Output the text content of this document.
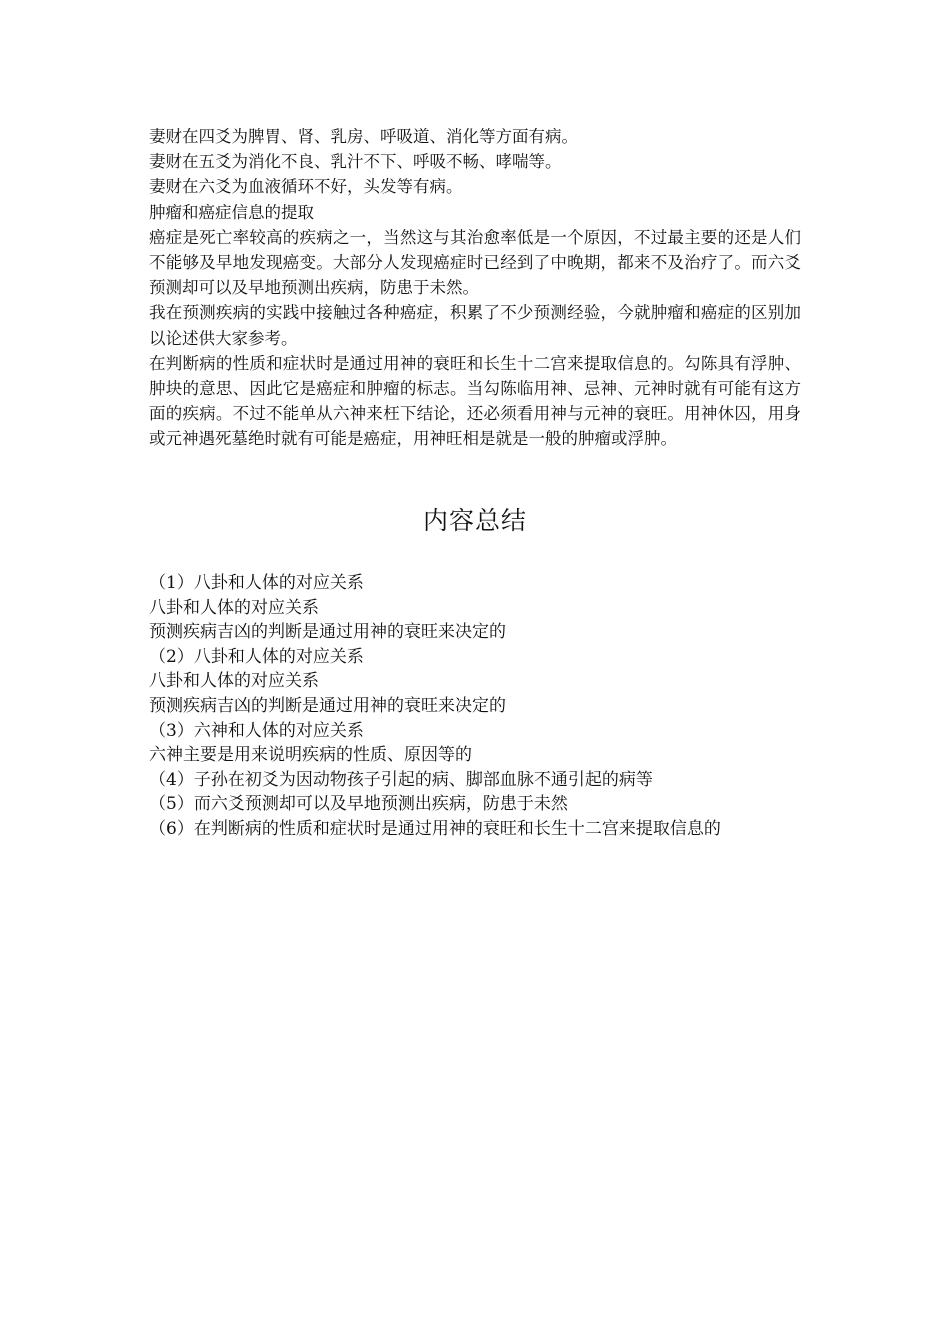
妻财在四爻为脾胃、肾、乳房、呼吸道、消化等方面有病。

妻财在五爻为消化不良、乳汁不下、呼吸不畅、哮喘等。

妻财在六爻为血液循环不好，头发等有病。

肿瘤和癌症信息的提取

癌症是死亡率较高的疾病之一，当然这与其治愈率低是一个原因，不过最主要的还是人们不能够及早地发现癌变。大部分人发现癌症时已经到了中晚期，都来不及治疗了。而六爻预测却可以及早地预测出疾病，防患于未然。

我在预测疾病的实践中接触过各种癌症，积累了不少预测经验，今就肿瘤和癌症的区别加以论述供大家参考。

在判断病的性质和症状时是通过用神的衰旺和长生十二宫来提取信息的。勾陈具有浮肿、肿块的意思、因此它是癌症和肿瘤的标志。当勾陈临用神、忌神、元神时就有可能有这方面的疾病。不过不能单从六神来枉下结论，还必须看用神与元神的衰旺。用神休囚，用身或元神遇死墓绝时就有可能是癌症，用神旺相是就是一般的肿瘤或浮肿。

内容总结

（1）八卦和人体的对应关系

八卦和人体的对应关系

预测疾病吉凶的判断是通过用神的衰旺来决定的

（2）八卦和人体的对应关系

八卦和人体的对应关系

预测疾病吉凶的判断是通过用神的衰旺来决定的

（3）六神和人体的对应关系

六神主要是用来说明疾病的性质、原因等的

（4）子孙在初爻为因动物孩子引起的病、脚部血脉不通引起的病等

（5）而六爻预测却可以及早地预测出疾病，防患于未然

（6）在判断病的性质和症状时是通过用神的衰旺和长生十二宫来提取信息的
